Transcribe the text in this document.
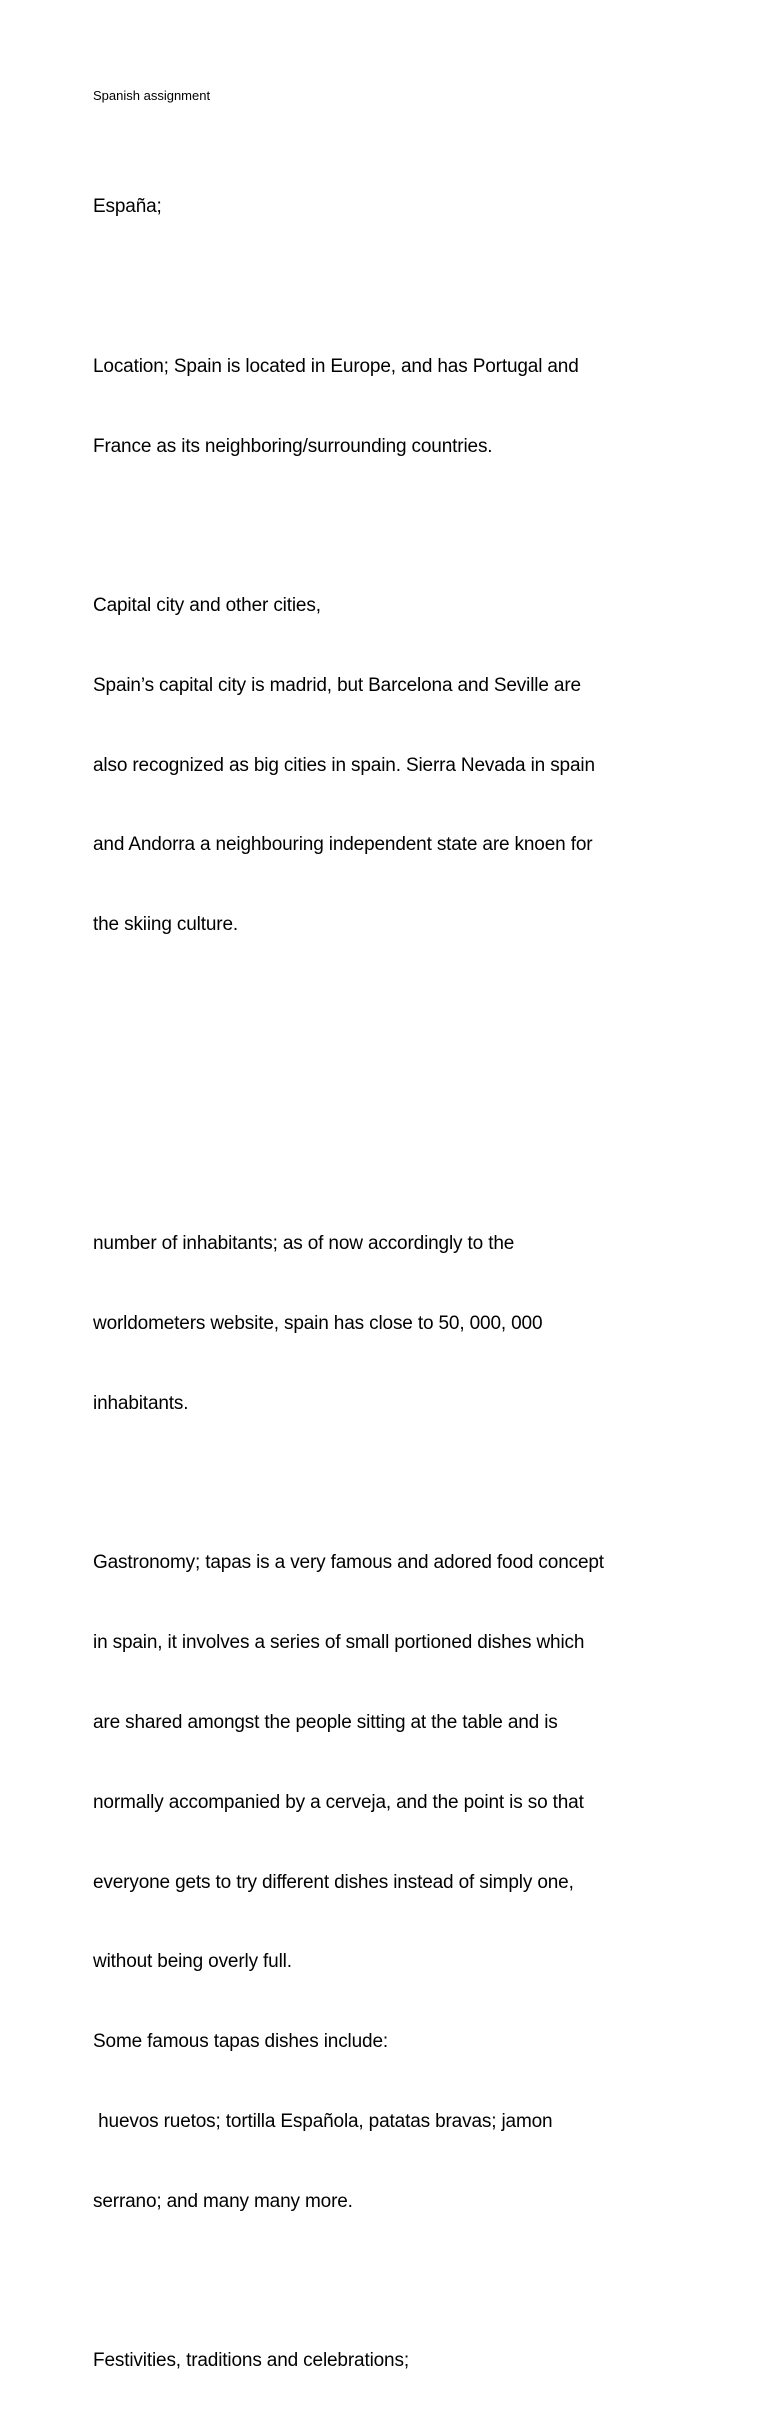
Spanish assignment

España;

Location; Spain is located in Europe, and has Portugal and

France as its neighboring/surrounding countries.

Capital city and other cities,

Spain’s capital city is madrid, but Barcelona and Seville are

also recognized as big cities in spain. Sierra Nevada in spain

and Andorra a neighbouring independent state are knoen for

the skiing culture.

number of inhabitants; as of now accordingly to the

worldometers website, spain has close to 50, 000, 000

inhabitants.

Gastronomy; tapas is a very famous and adored food concept

in spain, it involves a series of small portioned dishes which

are shared amongst the people sitting at the table and is

normally accompanied by a cerveja, and the point is so that

everyone gets to try different dishes instead of simply one,

without being overly full.

Some famous tapas dishes include:

huevos ruetos; tortilla Española, patatas bravas; jamon

serrano; and many many more.

Festivities, traditions and celebrations;
